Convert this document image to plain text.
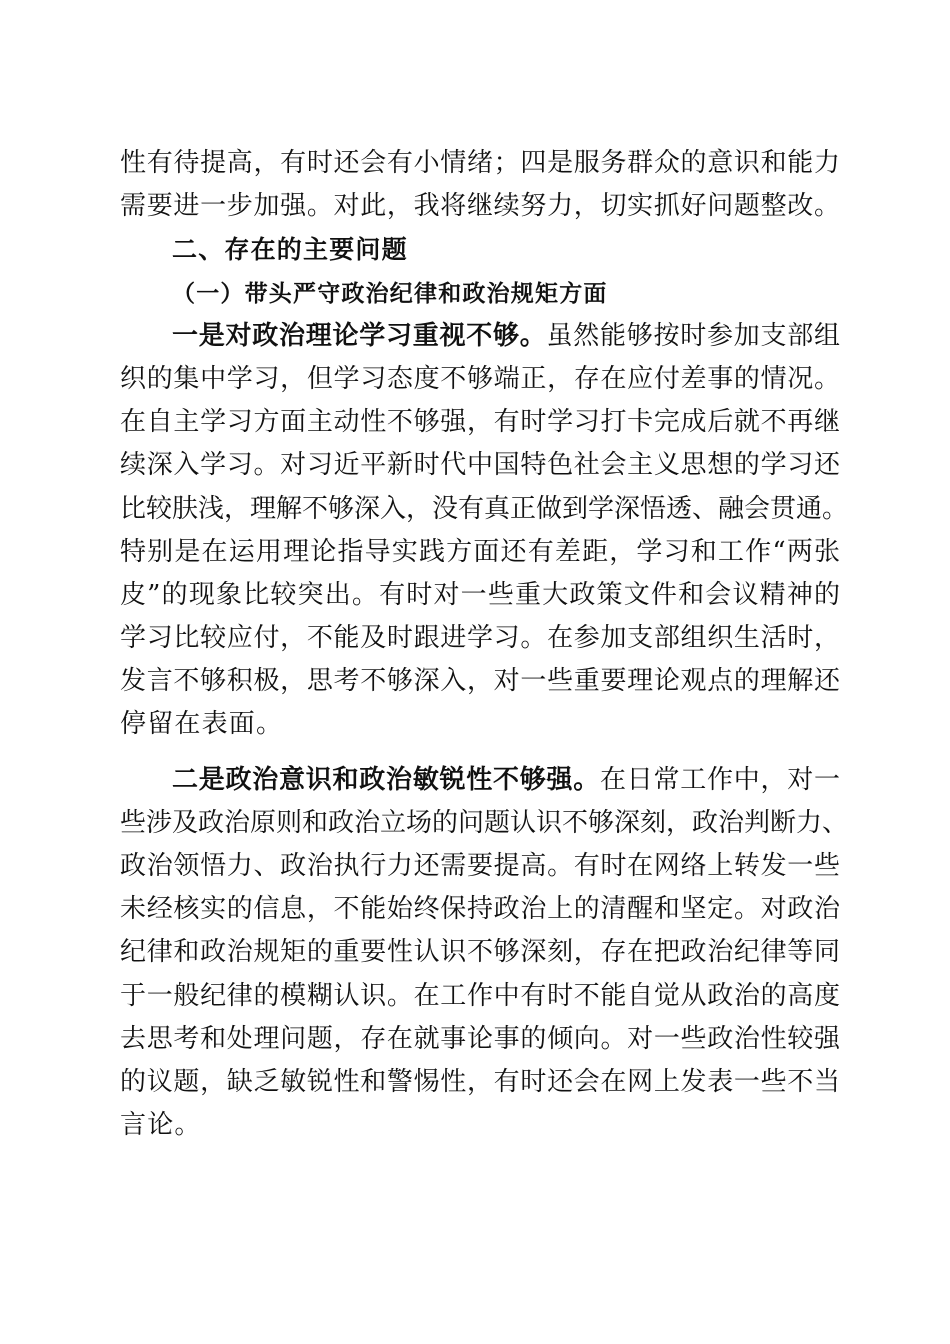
性有待提高，有时还会有小情绪；四是服务群众的意识和能力

需要进一步加强。对此，我将继续努力，切实抓好问题整改。

二、存在的主要问题

（一）带头严守政治纪律和政治规矩方面

一是对政治理论学习重视不够。虽然能够按时参加支部组

织的集中学习，但学习态度不够端正，存在应付差事的情况。

在自主学习方面主动性不够强，有时学习打卡完成后就不再继

续深入学习。对习近平新时代中国特色社会主义思想的学习还

比较肤浅，理解不够深入，没有真正做到学深悟透、融会贯通。

特别是在运用理论指导实践方面还有差距，学习和工作“两张

皮”的现象比较突出。有时对一些重大政策文件和会议精神的

学习比较应付，不能及时跟进学习。在参加支部组织生活时，

发言不够积极，思考不够深入，对一些重要理论观点的理解还

停留在表面。

二是政治意识和政治敏锐性不够强。在日常工作中，对一

些涉及政治原则和政治立场的问题认识不够深刻，政治判断力、

政治领悟力、政治执行力还需要提高。有时在网络上转发一些

未经核实的信息，不能始终保持政治上的清醒和坚定。对政治

纪律和政治规矩的重要性认识不够深刻，存在把政治纪律等同

于一般纪律的模糊认识。在工作中有时不能自觉从政治的高度

去思考和处理问题，存在就事论事的倾向。对一些政治性较强

的议题，缺乏敏锐性和警惕性，有时还会在网上发表一些不当

言论。
